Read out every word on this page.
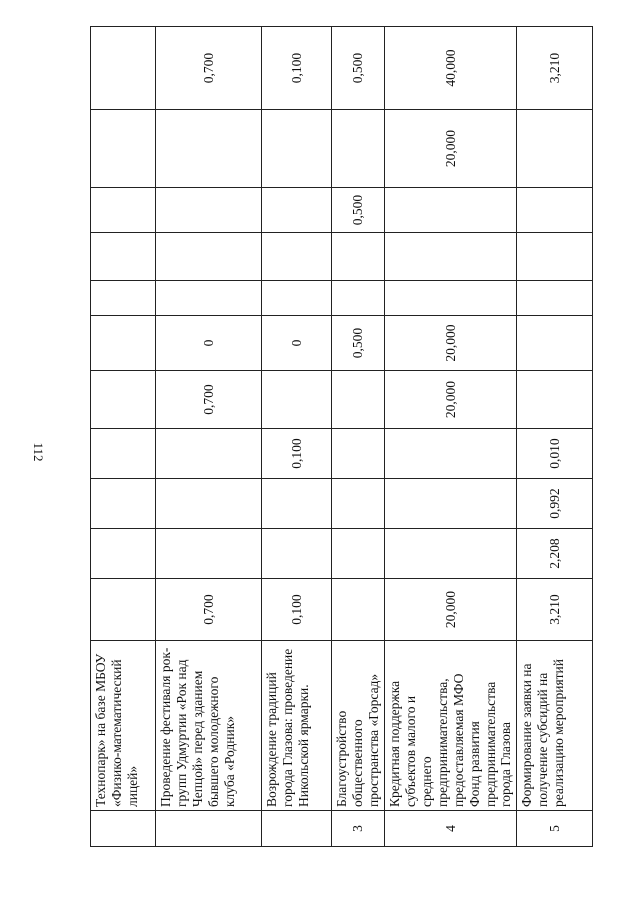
112
	Технопарк» на базе МБОУ «Физико-математический лицей»											
	Проведение фестиваля рок-групп Удмуртии «Рок над Чепцой» перед зданием бывшего молодежного клуба «Родник»	0,700				0,700	0					0,700
	Возрождение традиций города Глазова: проведение Никольской ярмарки.	0,100			0,100		0					0,100
3	Благоустройство общественного пространства «Горсад»						0,500			0,500		0,500
4	Кредитная поддержка субъектов малого и среднего предпринимательства, предоставляемая МФО Фонд развития предпринимательства города Глазова	20,000				20,000	20,000				20,000	40,000
5	Формирование заявки на получение субсидий на реализацию мероприятий	3,210	2,208	0,992	0,010							3,210
